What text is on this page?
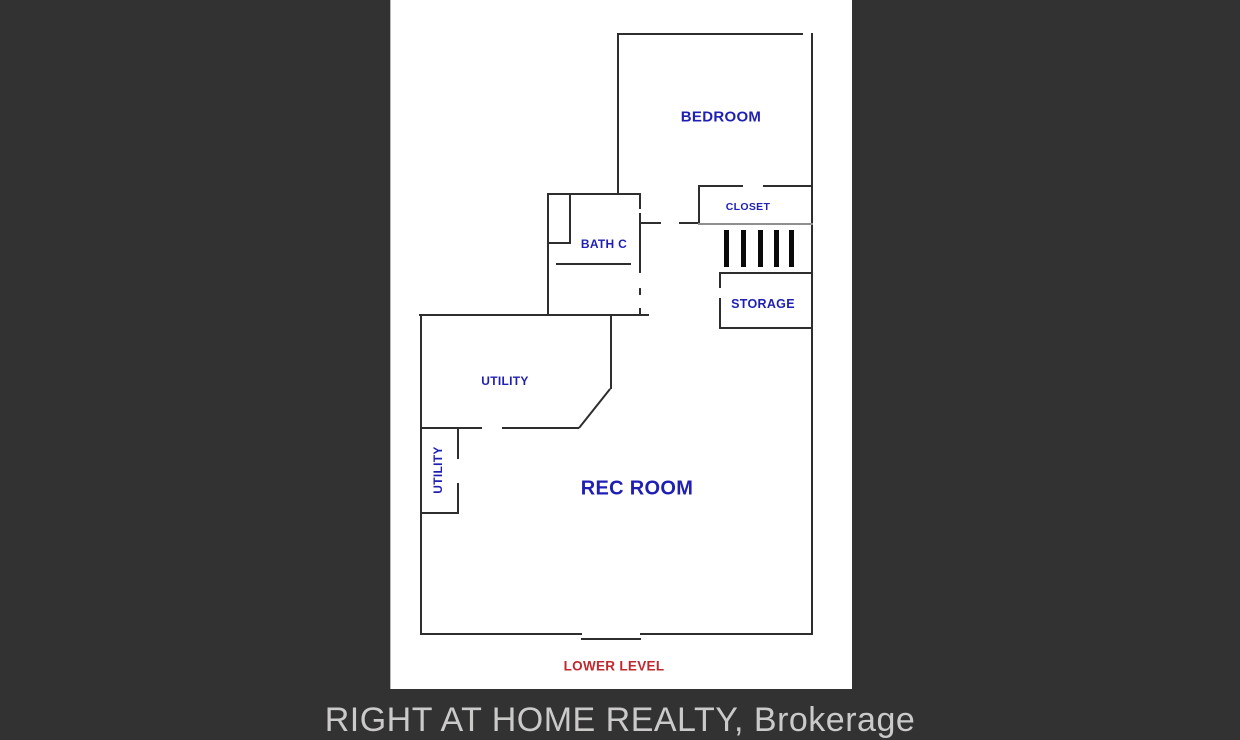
BEDROOM
CLOSET
BATH C
STORAGE
UTILITY
UTILITY	REC ROOM
LOWER LEVEL
RIGHT AT HOME REALTY, Brokerage
